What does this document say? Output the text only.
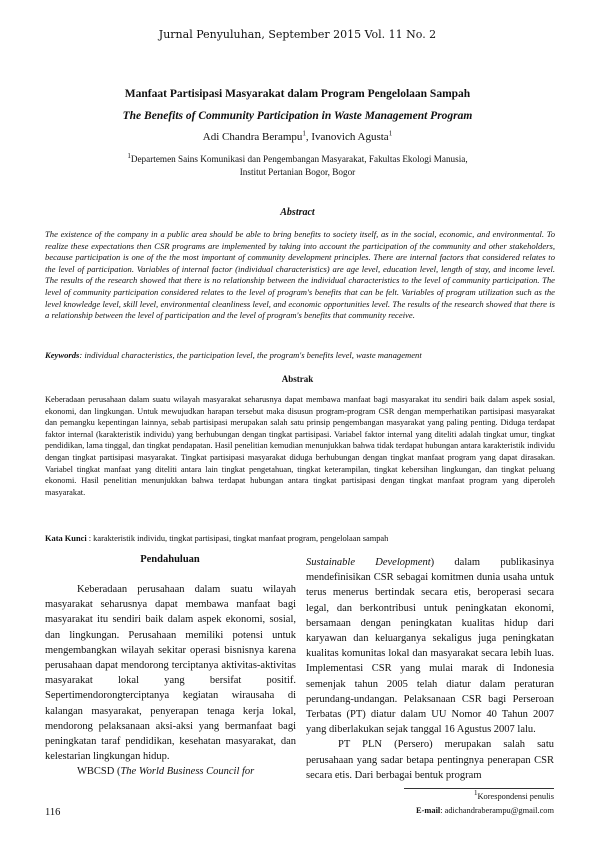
Jurnal Penyuluhan, September 2015 Vol. 11 No. 2
Manfaat Partisipasi Masyarakat dalam Program Pengelolaan Sampah
The Benefits of Community Participation in Waste Management Program
Adi Chandra Berampu$^1$, Ivanovich Agusta$^1$
$^1$Departemen Sains Komunikasi dan Pengembangan Masyarakat, Fakultas Ekologi Manusia,
Institut Pertanian Bogor, Bogor
Abstract
The existence of the company in a public area should be able to bring benefits to society itself, as in the social, economic, and environmental. To realize these expectations then CSR programs are implemented by taking into account the participation of the community and other stakeholders, because participation is one of the the most important of community development principles. There are internal factors that considered relates to the level of participation. Variables of internal factor (individual characteristics) are age level, education level, length of stay, and income level. The results of the research showed that there is no relationship between the individual characteristics to the level of community participation. The level of community participation considered relates to the level of program's benefits that can be felt. Variables of program utilization such as the level knowledge level, skill level, environmental cleanliness level, and economic opportunities level. The results of the research showed that there is a relationship between the level of participation and the level of program's benefits that community receive.
Keywords: individual characteristics, the participation level, the program's benefits level, waste management
Abstrak
Keberadaan perusahaan dalam suatu wilayah masyarakat seharusnya dapat membawa manfaat bagi masyarakat itu sendiri baik dalam aspek sosial, ekonomi, dan lingkungan. Untuk mewujudkan harapan tersebut maka disusun program-program CSR dengan memperhatikan partisipasi masyarakat dan pemangku kepentingan lainnya, sebab partisipasi merupakan salah satu prinsip pengembangan masyarakat yang paling penting. Diduga terdapat faktor internal (karakteristik individu) yang berhubungan dengan tingkat partisipasi. Variabel faktor internal yang diteliti adalah tingkat umur, tingkat pendidikan, lama tinggal, dan tingkat pendapatan. Hasil penelitian kemudian menunjukkan bahwa tidak terdapat hubungan antara karakteristik individu dengan tingkat partisipasi masyarakat. Tingkat partisipasi masyarakat diduga berhubungan dengan tingkat manfaat program yang dapat dirasakan. Variabel tingkat manfaat yang diteliti antara lain tingkat pengetahuan, tingkat keterampilan, tingkat kebersihan lingkungan, dan tingkat peluang ekonomi. Hasil penelitian menunjukkan bahwa terdapat hubungan antara tingkat partisipasi dengan tingkat manfaat program yang diperoleh masyarakat.
Kata Kunci : karakteristik individu, tingkat partisipasi, tingkat manfaat program, pengelolaan sampah
Pendahuluan
Keberadaan perusahaan dalam suatu wilayah masyarakat seharusnya dapat membawa manfaat bagi masyarakat itu sendiri baik dalam aspek ekonomi, sosial, dan lingkungan. Perusahaan memiliki potensi untuk mengembangkan wilayah sekitar operasi bisnisnya karena perusahaan dapat mendorong terciptanya aktivitas-aktivitas masyarakat lokal yang bersifat positif. Sepertimendorongterciptanya kegiatan wirausaha di kalangan masyarakat, penyerapan tenaga kerja lokal, mendorong pelaksanaan aksi-aksi yang bermanfaat bagi peningkatan taraf pendidikan, kesehatan masyarakat, dan kelestarian lingkungan hidup.
WBCSD (The World Business Council for
Sustainable Development) dalam publikasinya mendefinisikan CSR sebagai komitmen dunia usaha untuk terus menerus bertindak secara etis, beroperasi secara legal, dan berkontribusi untuk peningkatan ekonomi, bersamaan dengan peningkatan kualitas hidup dari karyawan dan keluarganya sekaligus juga peningkatan kualitas komunitas lokal dan masyarakat secara lebih luas. Implementasi CSR yang mulai marak di Indonesia semenjak tahun 2005 telah diatur dalam peraturan perundang-undangan. Pelaksanaan CSR bagi Perseroan Terbatas (PT) diatur dalam UU Nomor 40 Tahun 2007 yang diberlakukan sejak tanggal 16 Agustus 2007 lalu.
PT PLN (Persero) merupakan salah satu perusahaan yang sadar betapa pentingnya penerapan CSR secara etis. Dari berbagai bentuk program
$^1$Korespondensi penulis
E-mail: adichandraberampu@gmail.com
116
